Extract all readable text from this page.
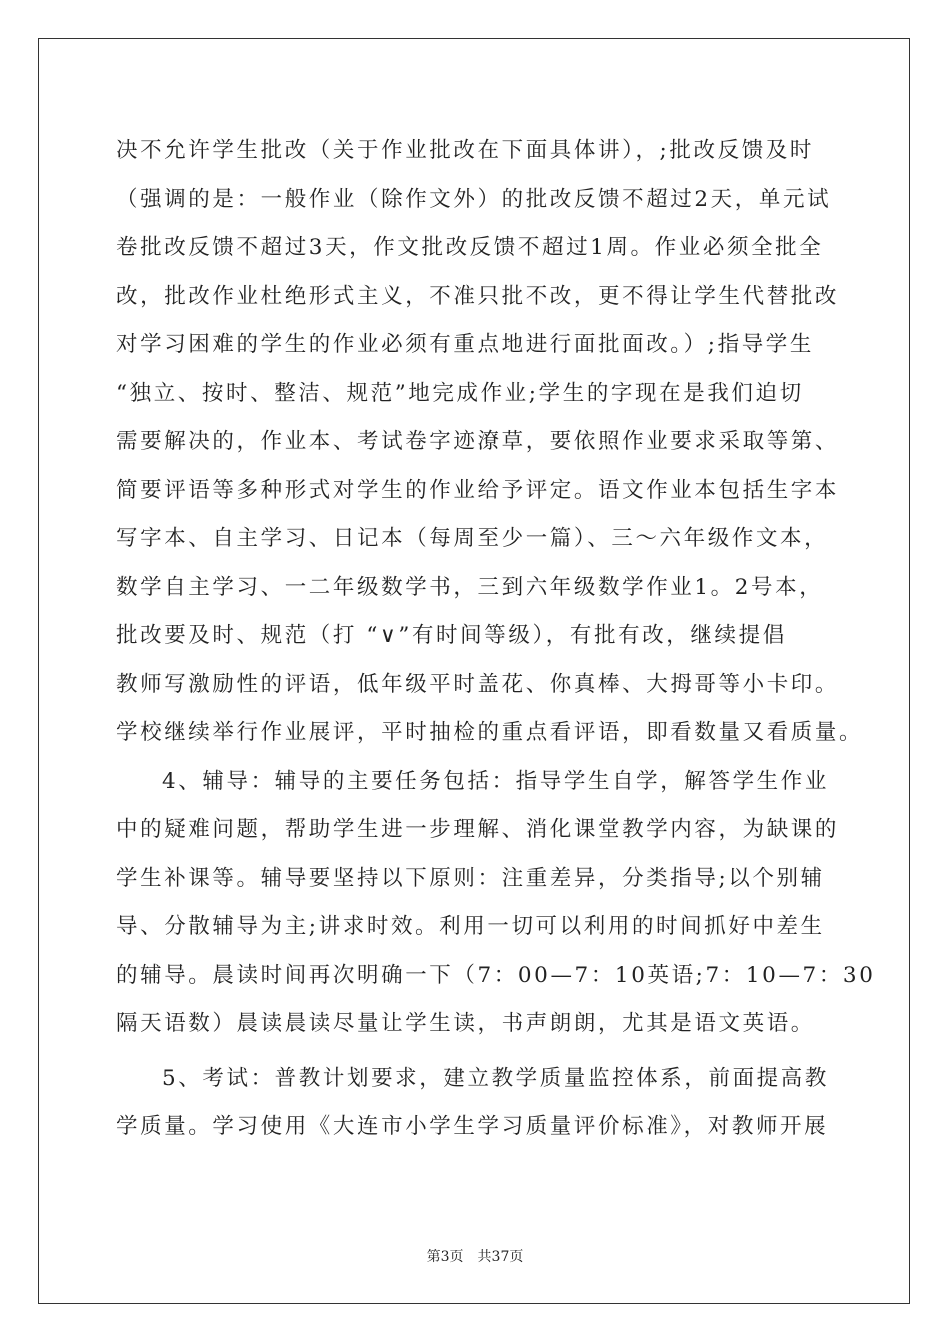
决不允许学生批改（关于作业批改在下面具体讲），;批改反馈及时
（强调的是：一般作业（除作文外）的批改反馈不超过2天，单元试
卷批改反馈不超过3天，作文批改反馈不超过1周。作业必须全批全
改，批改作业杜绝形式主义，不准只批不改，更不得让学生代替批改
对学习困难的学生的作业必须有重点地进行面批面改。）;指导学生
“独立、按时、整洁、规范”地完成作业;学生的字现在是我们迫切
需要解决的，作业本、考试卷字迹潦草，要依照作业要求采取等第、
简要评语等多种形式对学生的作业给予评定。语文作业本包括生字本
写字本、自主学习、日记本（每周至少一篇）、三～六年级作文本，
数学自主学习、一二年级数学书，三到六年级数学作业1。2号本，
批改要及时、规范（打 “∨”有时间等级），有批有改，继续提倡
教师写激励性的评语，低年级平时盖花、你真棒、大拇哥等小卡印。
学校继续举行作业展评，平时抽检的重点看评语，即看数量又看质量。
4、辅导：辅导的主要任务包括：指导学生自学，解答学生作业
中的疑难问题，帮助学生进一步理解、消化课堂教学内容，为缺课的
学生补课等。辅导要坚持以下原则：注重差异，分类指导;以个别辅
导、分散辅导为主;讲求时效。利用一切可以利用的时间抓好中差生
的辅导。晨读时间再次明确一下（7：00—7：10英语;7：10—7：30
隔天语数）晨读晨读尽量让学生读，书声朗朗，尤其是语文英语。
5、考试：普教计划要求，建立教学质量监控体系，前面提高教
学质量。学习使用《大连市小学生学习质量评价标准》，对教师开展
第3页　共37页
